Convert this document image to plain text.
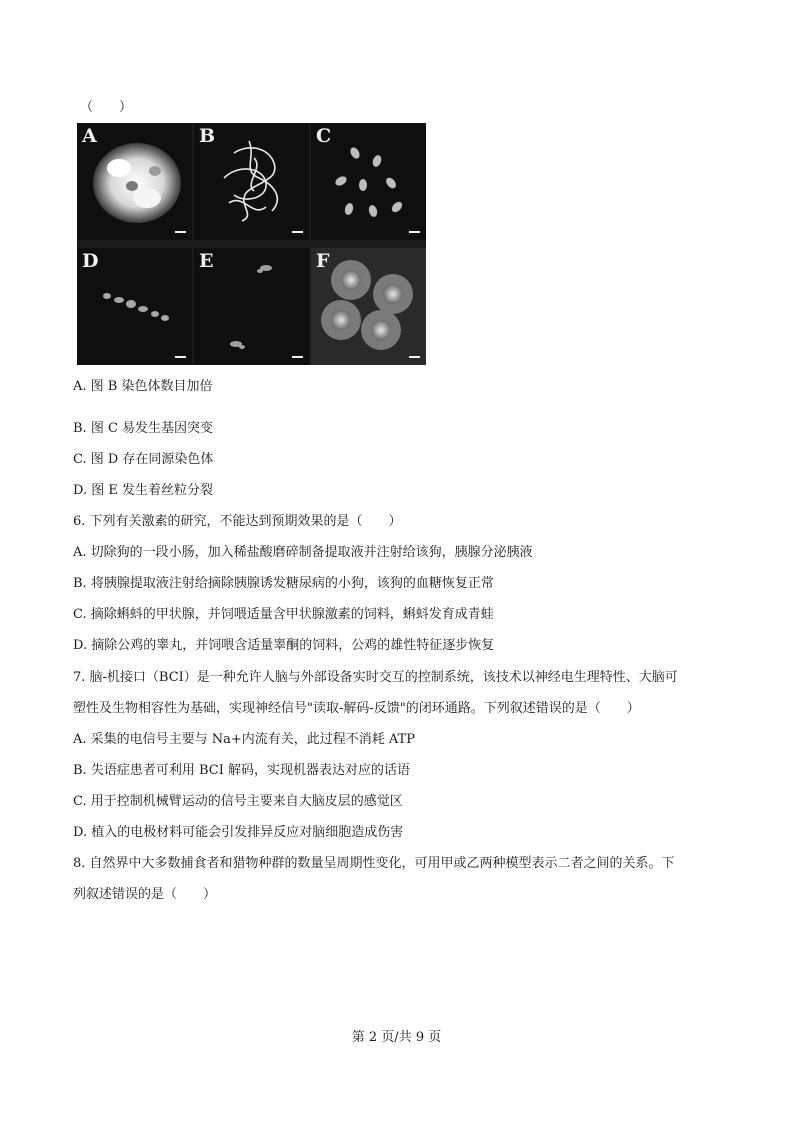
（　　）
A	B	C
D	E	F
A. 图 B 染色体数目加倍
B. 图 C 易发生基因突变
C. 图 D 存在同源染色体
D. 图 E 发生着丝粒分裂
6. 下列有关激素的研究，不能达到预期效果的是（　　）
A. 切除狗的一段小肠，加入稀盐酸磨碎制备提取液并注射给该狗，胰腺分泌胰液
B. 将胰腺提取液注射给摘除胰腺诱发糖尿病的小狗，该狗的血糖恢复正常
C. 摘除蝌蚪的甲状腺，并饲喂适量含甲状腺激素的饲料，蝌蚪发育成青蛙
D. 摘除公鸡的睾丸，并饲喂含适量睾酮的饲料，公鸡的雄性特征逐步恢复
7. 脑-机接口（BCI）是一种允许人脑与外部设备实时交互的控制系统，该技术以神经电生理特性、大脑可
塑性及生物相容性为基础，实现神经信号"读取-解码-反馈"的闭环通路。下列叙述错误的是（　　）
A. 采集的电信号主要与 Na+内流有关，此过程不消耗 ATP
B. 失语症患者可利用 BCI 解码，实现机器表达对应的话语
C. 用于控制机械臂运动的信号主要来自大脑皮层的感觉区
D. 植入的电极材料可能会引发排异反应对脑细胞造成伤害
8. 自然界中大多数捕食者和猎物种群的数量呈周期性变化，可用甲或乙两种模型表示二者之间的关系。下
列叙述错误的是（　　）
第 2 页/共 9 页
